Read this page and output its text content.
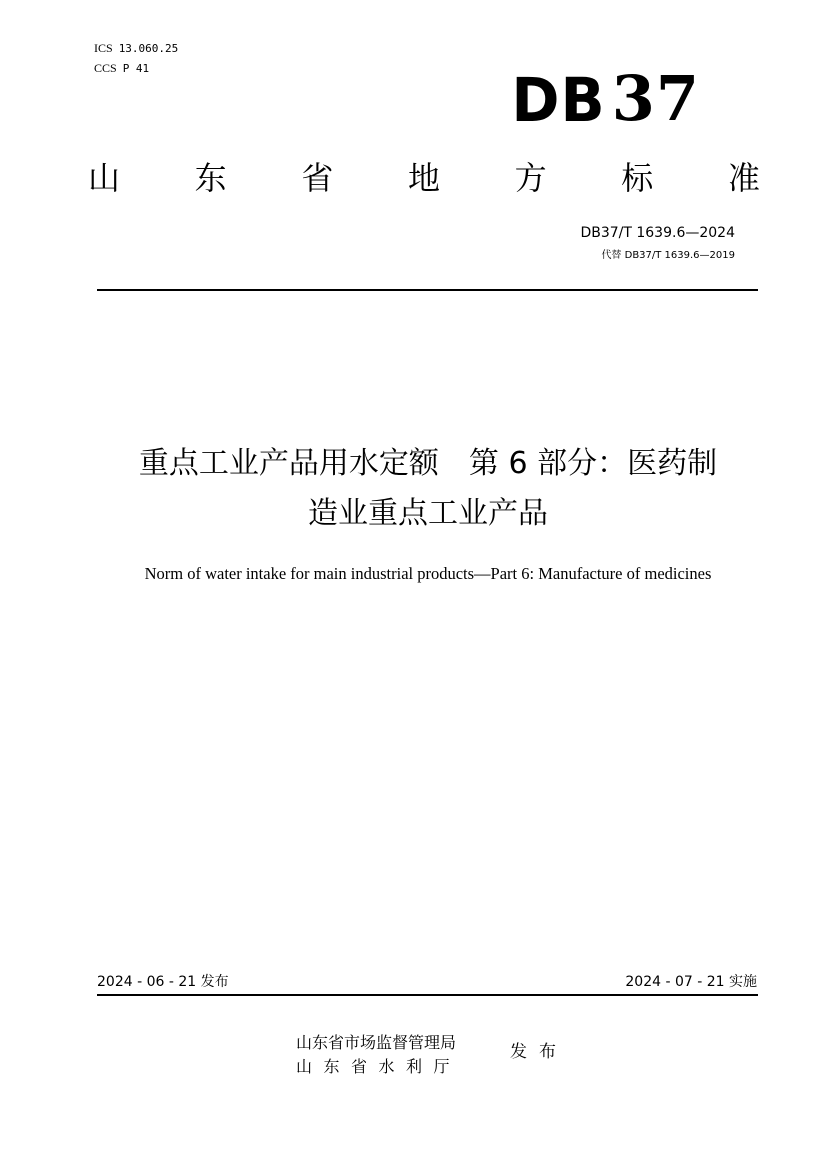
ICS 13.060.25
CCS P 41	DB37
山 东 省 地 方 标 准
DB37/T 1639.6—2024
代替 DB37/T 1639.6—2019
重点工业产品用水定额　第 6 部分：医药制
造业重点工业产品
Norm of water intake for main industrial products—Part 6: Manufacture of medicines
2024 - 06 - 21 发布	2024 - 07 - 21 实施
山东省市场监督管理局
山东省水利厅
发布
